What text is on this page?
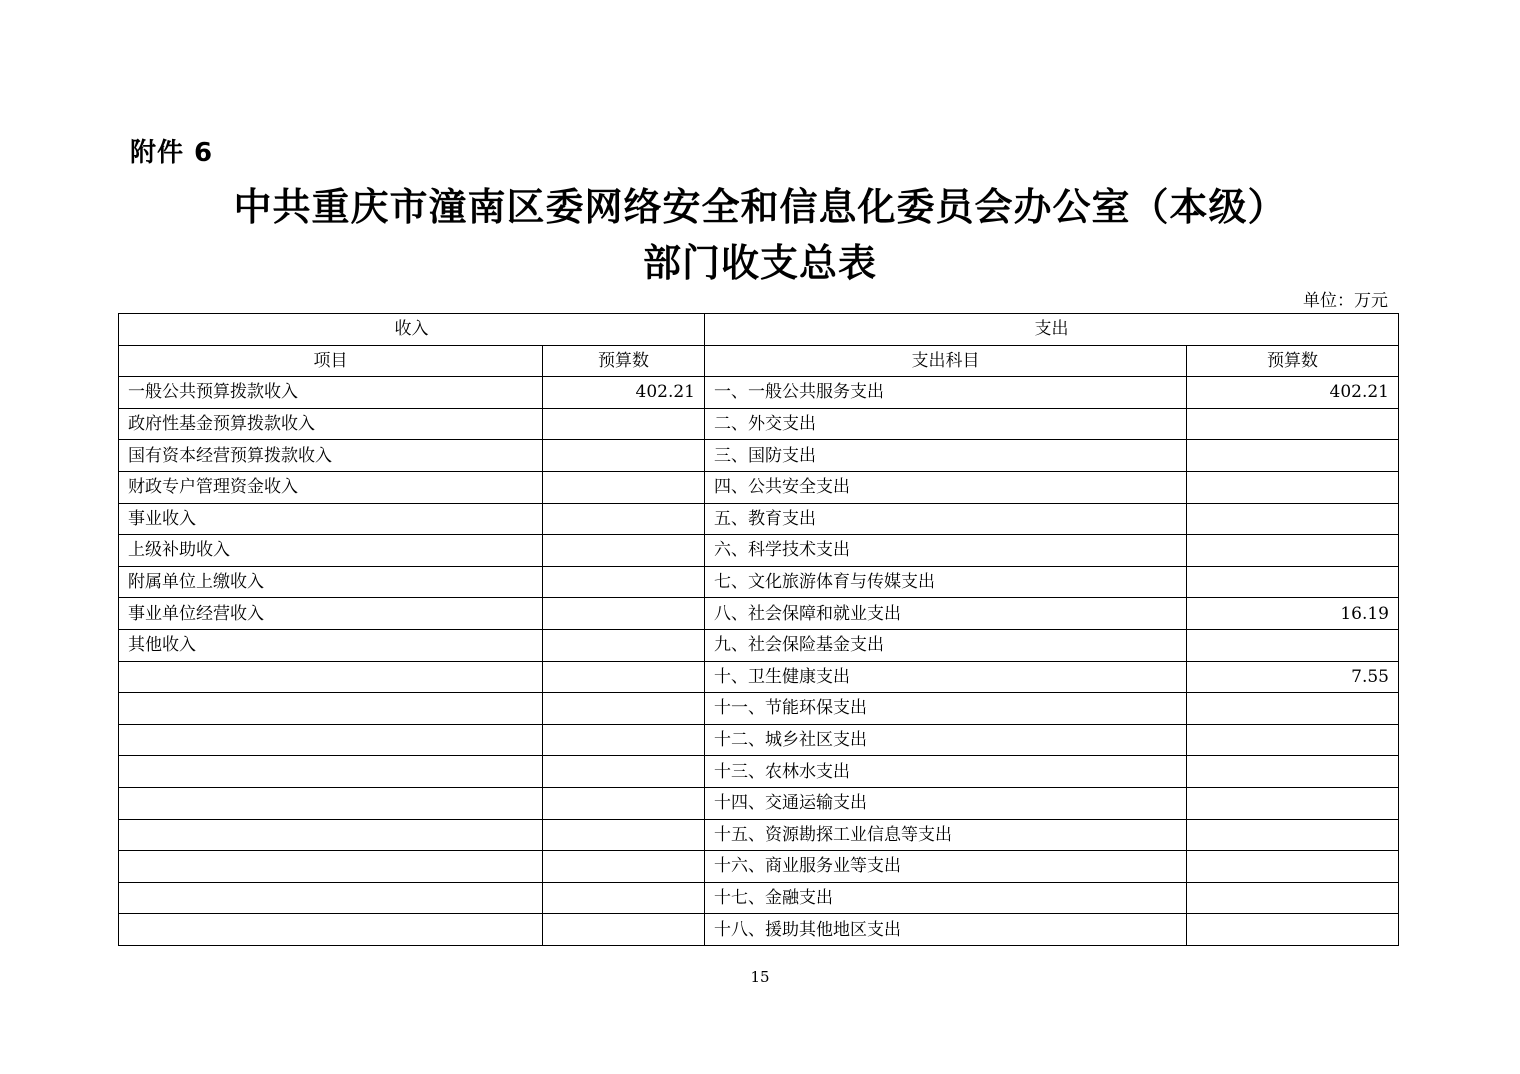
附件 6
中共重庆市潼南区委网络安全和信息化委员会办公室（本级）
部门收支总表
单位：万元
收入		支出	
项目	预算数	支出科目	预算数
一般公共预算拨款收入	402.21	一、一般公共服务支出	402.21
政府性基金预算拨款收入		二、外交支出	
国有资本经营预算拨款收入		三、国防支出	
财政专户管理资金收入		四、公共安全支出	
事业收入		五、教育支出	
上级补助收入		六、科学技术支出	
附属单位上缴收入		七、文化旅游体育与传媒支出	
事业单位经营收入		八、社会保障和就业支出	16.19
其他收入		九、社会保险基金支出	
		十、卫生健康支出	7.55
		十一、节能环保支出	
		十二、城乡社区支出	
		十三、农林水支出	
		十四、交通运输支出	
		十五、资源勘探工业信息等支出	
		十六、商业服务业等支出	
		十七、金融支出	
		十八、援助其他地区支出	
15
